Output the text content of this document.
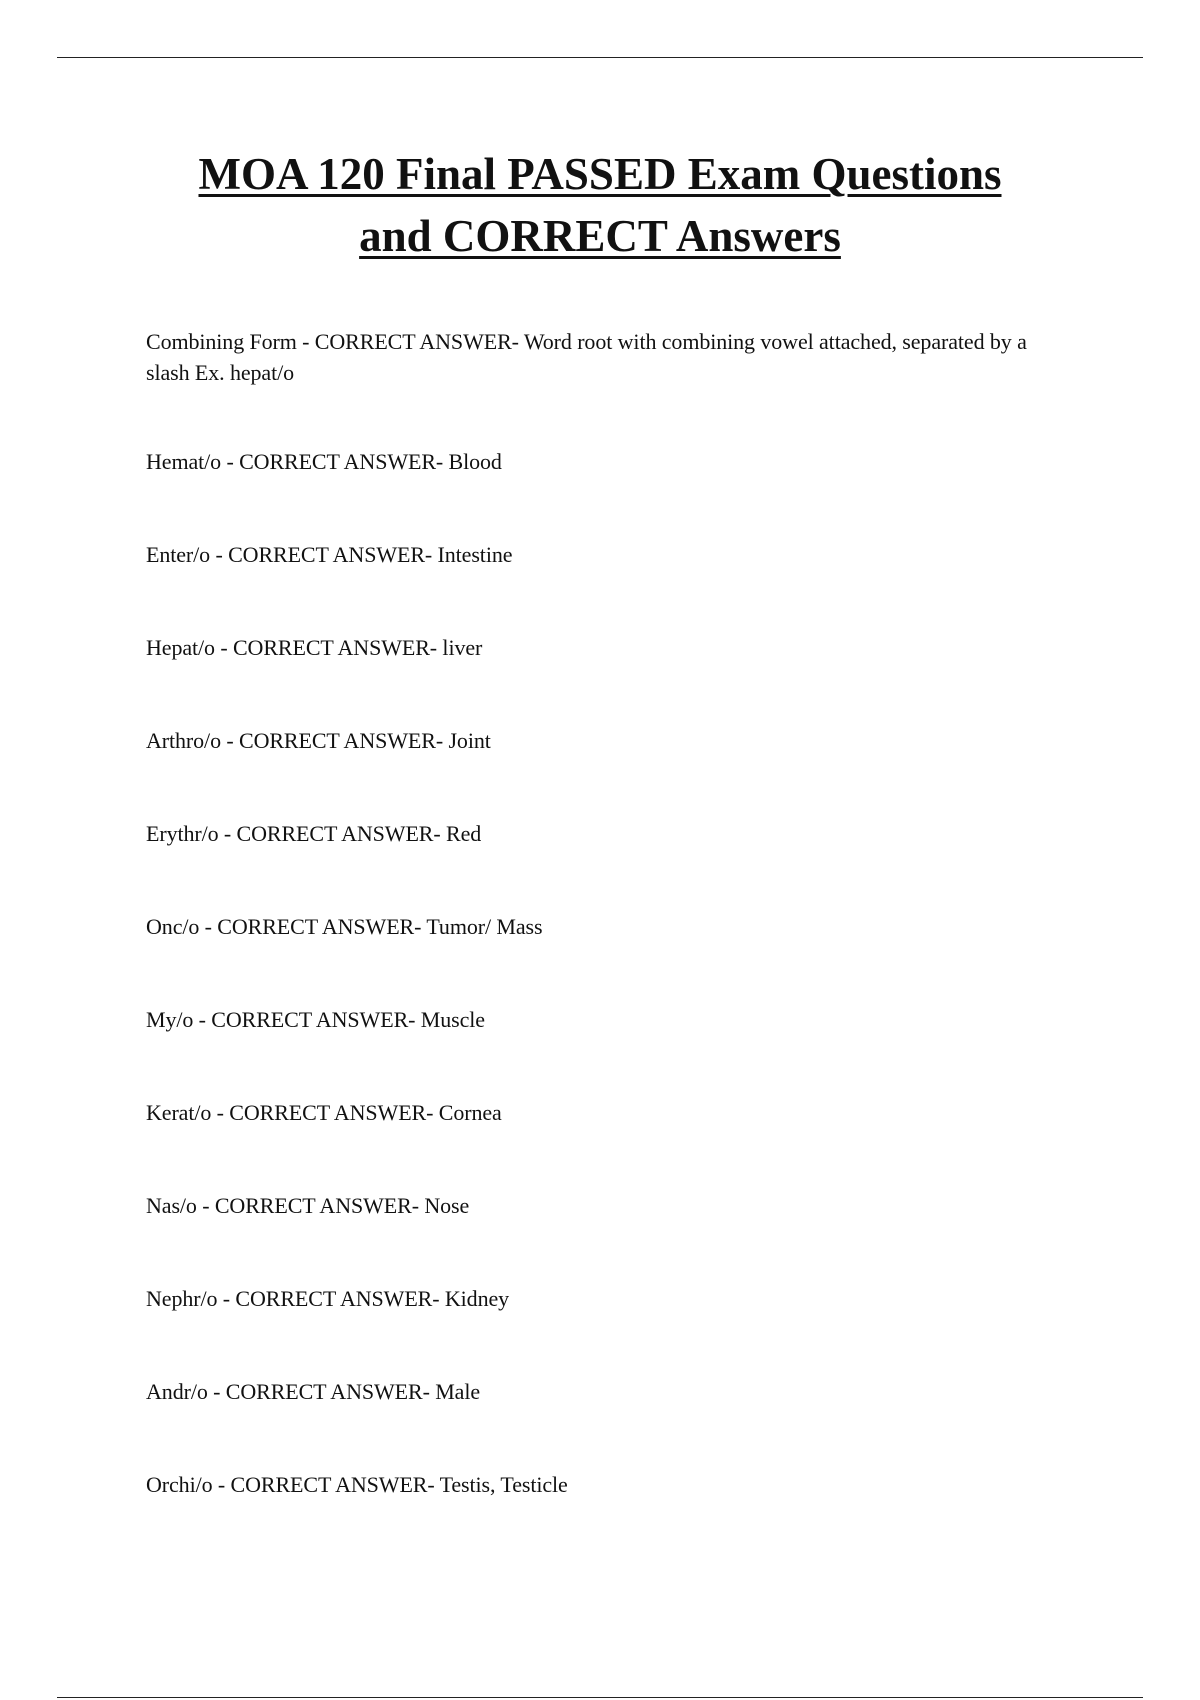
MOA 120 Final PASSED Exam Questions
and CORRECT Answers
Combining Form - CORRECT ANSWER- Word root with combining vowel attached, separated by a slash Ex. hepat/o
Hemat/o - CORRECT ANSWER- Blood
Enter/o - CORRECT ANSWER- Intestine
Hepat/o - CORRECT ANSWER- liver
Arthro/o - CORRECT ANSWER- Joint
Erythr/o - CORRECT ANSWER- Red
Onc/o - CORRECT ANSWER- Tumor/ Mass
My/o - CORRECT ANSWER- Muscle
Kerat/o - CORRECT ANSWER- Cornea
Nas/o - CORRECT ANSWER- Nose
Nephr/o - CORRECT ANSWER- Kidney
Andr/o - CORRECT ANSWER- Male
Orchi/o - CORRECT ANSWER- Testis, Testicle
